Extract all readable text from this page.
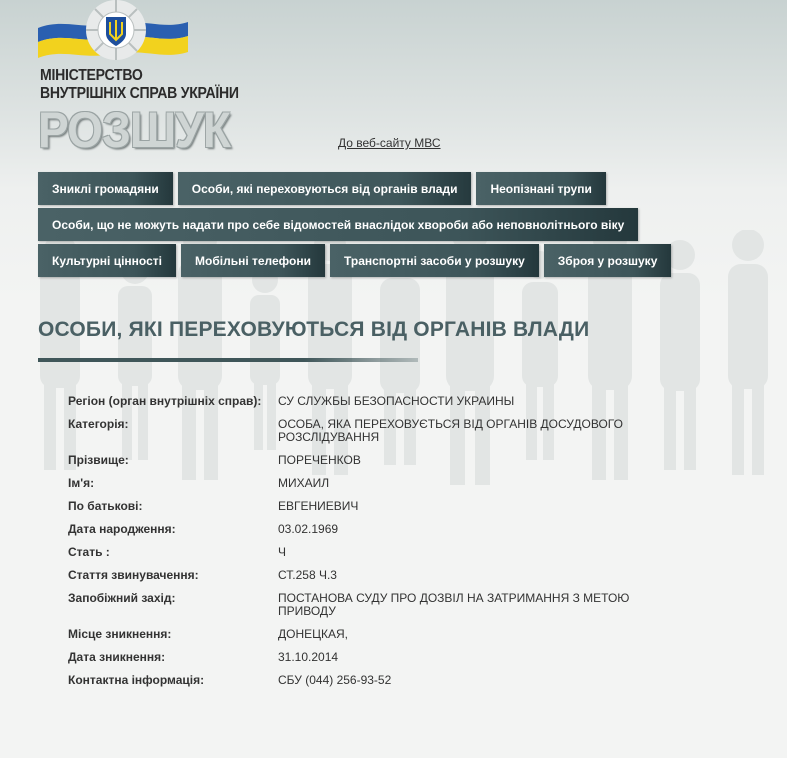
МІНІСТЕРСТВО
ВНУТРІШНІХ СПРАВ УКРАЇНИ
РОЗШУК	До веб-сайту МВС
Зниклі громадяни	Особи, які переховуються від органів влади	Неопізнані трупи
Особи, що не можуть надати про себе відомостей внаслідок хвороби або неповнолітнього віку
Культурні цінності	Мобільні телефони	Транспортні засоби у розшуку	Зброя у розшуку
ОСОБИ, ЯКІ ПЕРЕХОВУЮТЬСЯ ВІД ОРГАНІВ ВЛАДИ
Регіон (орган внутрішніх справ):	СУ СЛУЖБЫ БЕЗОПАСНОСТИ УКРАИНЫ
Категорія:	ОСОБА, ЯКА ПЕРЕХОВУЄТЬСЯ ВІД ОРГАНІВ ДОСУДОВОГО РОЗСЛІДУВАННЯ
Прізвище:	ПОРЕЧЕНКОВ
Ім'я:	МИХАИЛ
По батькові:	ЕВГЕНИЕВИЧ
Дата народження:	03.02.1969
Стать :	Ч
Стаття звинувачення:	СТ.258 Ч.3
Запобіжний захід:	ПОСТАНОВА СУДУ ПРО ДОЗВІЛ НА ЗАТРИМАННЯ З МЕТОЮ ПРИВОДУ
Місце зникнення:	ДОНЕЦКАЯ,
Дата зникнення:	31.10.2014
Контактна інформація:	СБУ (044) 256-93-52
